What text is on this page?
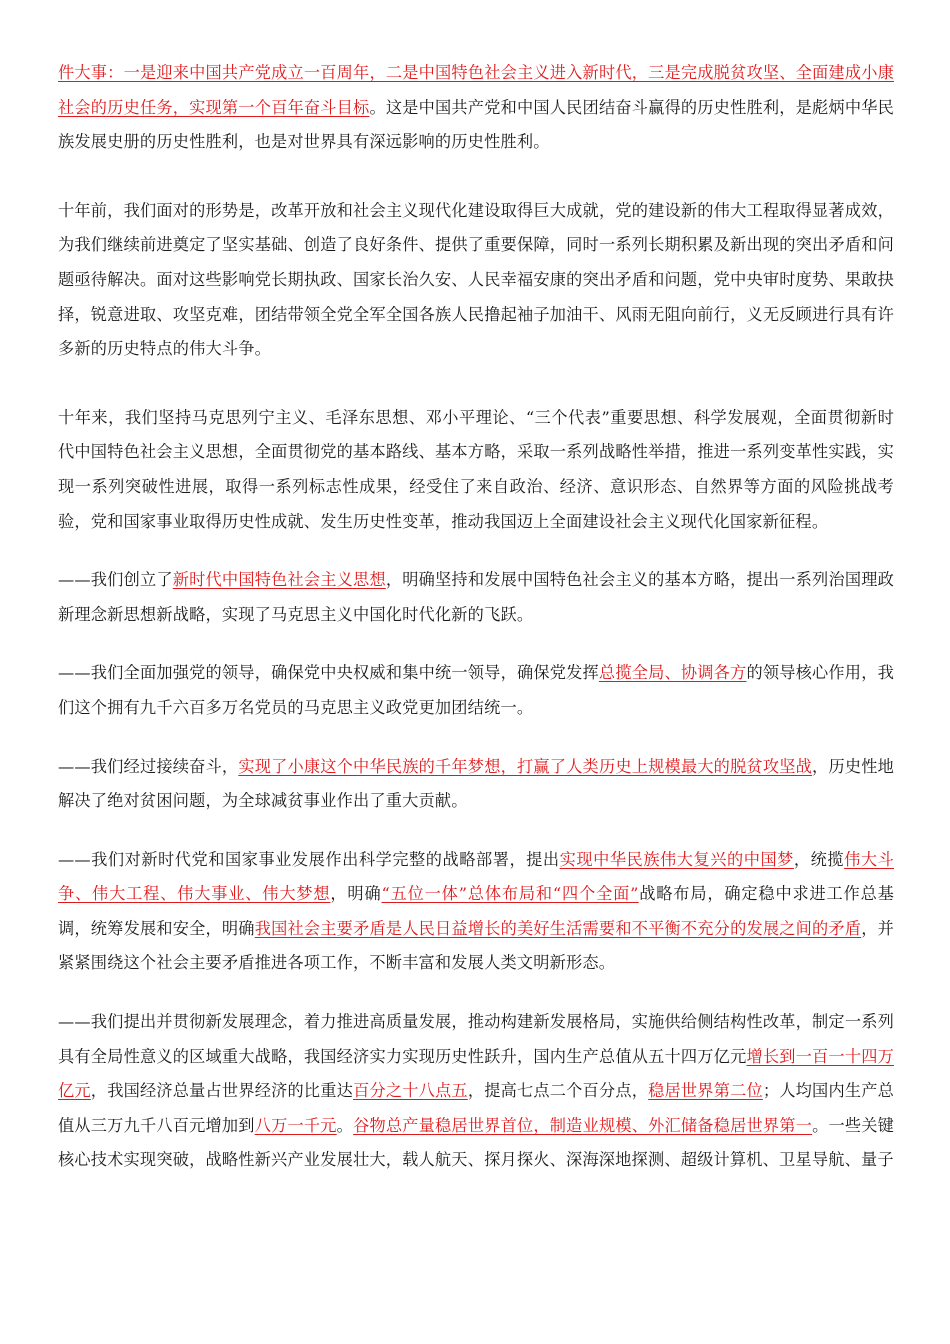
件大事：一是迎来中国共产党成立一百周年，二是中国特色社会主义进入新时代，三是完成脱贫攻坚、全面建成小康社会的历史任务，实现第一个百年奋斗目标。这是中国共产党和中国人民团结奋斗赢得的历史性胜利，是彪炳中华民族发展史册的历史性胜利，也是对世界具有深远影响的历史性胜利。

十年前，我们面对的形势是，改革开放和社会主义现代化建设取得巨大成就，党的建设新的伟大工程取得显著成效，为我们继续前进奠定了坚实基础、创造了良好条件、提供了重要保障，同时一系列长期积累及新出现的突出矛盾和问题亟待解决。面对这些影响党长期执政、国家长治久安、人民幸福安康的突出矛盾和问题，党中央审时度势、果敢抉择，锐意进取、攻坚克难，团结带领全党全军全国各族人民撸起袖子加油干、风雨无阻向前行，义无反顾进行具有许多新的历史特点的伟大斗争。

十年来，我们坚持马克思列宁主义、毛泽东思想、邓小平理论、“三个代表”重要思想、科学发展观，全面贯彻新时代中国特色社会主义思想，全面贯彻党的基本路线、基本方略，采取一系列战略性举措，推进一系列变革性实践，实现一系列突破性进展，取得一系列标志性成果，经受住了来自政治、经济、意识形态、自然界等方面的风险挑战考验，党和国家事业取得历史性成就、发生历史性变革，推动我国迈上全面建设社会主义现代化国家新征程。

——我们创立了新时代中国特色社会主义思想，明确坚持和发展中国特色社会主义的基本方略，提出一系列治国理政新理念新思想新战略，实现了马克思主义中国化时代化新的飞跃。

——我们全面加强党的领导，确保党中央权威和集中统一领导，确保党发挥总揽全局、协调各方的领导核心作用，我们这个拥有九千六百多万名党员的马克思主义政党更加团结统一。

——我们经过接续奋斗，实现了小康这个中华民族的千年梦想，打赢了人类历史上规模最大的脱贫攻坚战，历史性地解决了绝对贫困问题，为全球减贫事业作出了重大贡献。

——我们对新时代党和国家事业发展作出科学完整的战略部署，提出实现中华民族伟大复兴的中国梦，统揽伟大斗争、伟大工程、伟大事业、伟大梦想，明确“五位一体”总体布局和“四个全面”战略布局，确定稳中求进工作总基调，统筹发展和安全，明确我国社会主要矛盾是人民日益增长的美好生活需要和不平衡不充分的发展之间的矛盾，并紧紧围绕这个社会主要矛盾推进各项工作，不断丰富和发展人类文明新形态。

——我们提出并贯彻新发展理念，着力推进高质量发展，推动构建新发展格局，实施供给侧结构性改革，制定一系列具有全局性意义的区域重大战略，我国经济实力实现历史性跃升，国内生产总值从五十四万亿元增长到一百一十四万亿元，我国经济总量占世界经济的比重达百分之十八点五，提高七点二个百分点，稳居世界第二位；人均国内生产总值从三万九千八百元增加到八万一千元。谷物总产量稳居世界首位，制造业规模、外汇储备稳居世界第一。一些关键核心技术实现突破，战略性新兴产业发展壮大，载人航天、探月探火、深海深地探测、超级计算机、卫星导航、量子
